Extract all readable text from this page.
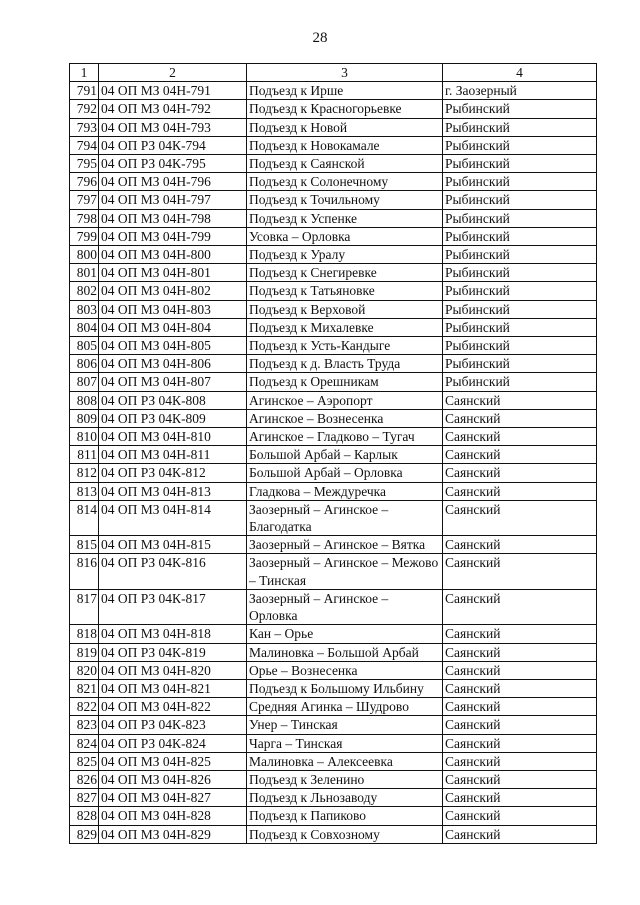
28
1	2	3	4
791	04 ОП МЗ 04Н-791	Подъезд к Ирше	г. Заозерный
792	04 ОП МЗ 04Н-792	Подъезд к Красногорьевке	Рыбинский
793	04 ОП МЗ 04Н-793	Подъезд к Новой	Рыбинский
794	04 ОП РЗ 04К-794	Подъезд к Новокамале	Рыбинский
795	04 ОП РЗ 04К-795	Подъезд к Саянской	Рыбинский
796	04 ОП МЗ 04Н-796	Подъезд к Солонечному	Рыбинский
797	04 ОП МЗ 04Н-797	Подъезд к Точильному	Рыбинский
798	04 ОП МЗ 04Н-798	Подъезд к Успенке	Рыбинский
799	04 ОП МЗ 04Н-799	Усовка – Орловка	Рыбинский
800	04 ОП МЗ 04Н-800	Подъезд к Уралу	Рыбинский
801	04 ОП МЗ 04Н-801	Подъезд к Снегиревке	Рыбинский
802	04 ОП МЗ 04Н-802	Подъезд к Татьяновке	Рыбинский
803	04 ОП МЗ 04Н-803	Подъезд к Верховой	Рыбинский
804	04 ОП МЗ 04Н-804	Подъезд к Михалевке	Рыбинский
805	04 ОП МЗ 04Н-805	Подъезд к Усть-Кандыге	Рыбинский
806	04 ОП МЗ 04Н-806	Подъезд к д. Власть Труда	Рыбинский
807	04 ОП МЗ 04Н-807	Подъезд к Орешникам	Рыбинский
808	04 ОП РЗ 04К-808	Агинское – Аэропорт	Саянский
809	04 ОП РЗ 04К-809	Агинское – Вознесенка	Саянский
810	04 ОП МЗ 04Н-810	Агинское – Гладково – Тугач	Саянский
811	04 ОП МЗ 04Н-811	Большой Арбай – Карлык	Саянский
812	04 ОП РЗ 04К-812	Большой Арбай – Орловка	Саянский
813	04 ОП МЗ 04Н-813	Гладкова – Междуречка	Саянский
814	04 ОП МЗ 04Н-814	Заозерный – Агинское – Благодатка	Саянский
815	04 ОП МЗ 04Н-815	Заозерный – Агинское – Вятка	Саянский
816	04 ОП РЗ 04К-816	Заозерный – Агинское – Межово – Тинская	Саянский
817	04 ОП РЗ 04К-817	Заозерный – Агинское – Орловка	Саянский
818	04 ОП МЗ 04Н-818	Кан – Орье	Саянский
819	04 ОП РЗ 04К-819	Малиновка – Большой Арбай	Саянский
820	04 ОП МЗ 04Н-820	Орье – Вознесенка	Саянский
821	04 ОП МЗ 04Н-821	Подъезд к Большому Ильбину	Саянский
822	04 ОП МЗ 04Н-822	Средняя Агинка – Шудрово	Саянский
823	04 ОП РЗ 04К-823	Унер – Тинская	Саянский
824	04 ОП РЗ 04К-824	Чарга – Тинская	Саянский
825	04 ОП МЗ 04Н-825	Малиновка – Алексеевка	Саянский
826	04 ОП МЗ 04Н-826	Подъезд к Зеленино	Саянский
827	04 ОП МЗ 04Н-827	Подъезд к Льнозаводу	Саянский
828	04 ОП МЗ 04Н-828	Подъезд к Папиково	Саянский
829	04 ОП МЗ 04Н-829	Подъезд к Совхозному	Саянский
